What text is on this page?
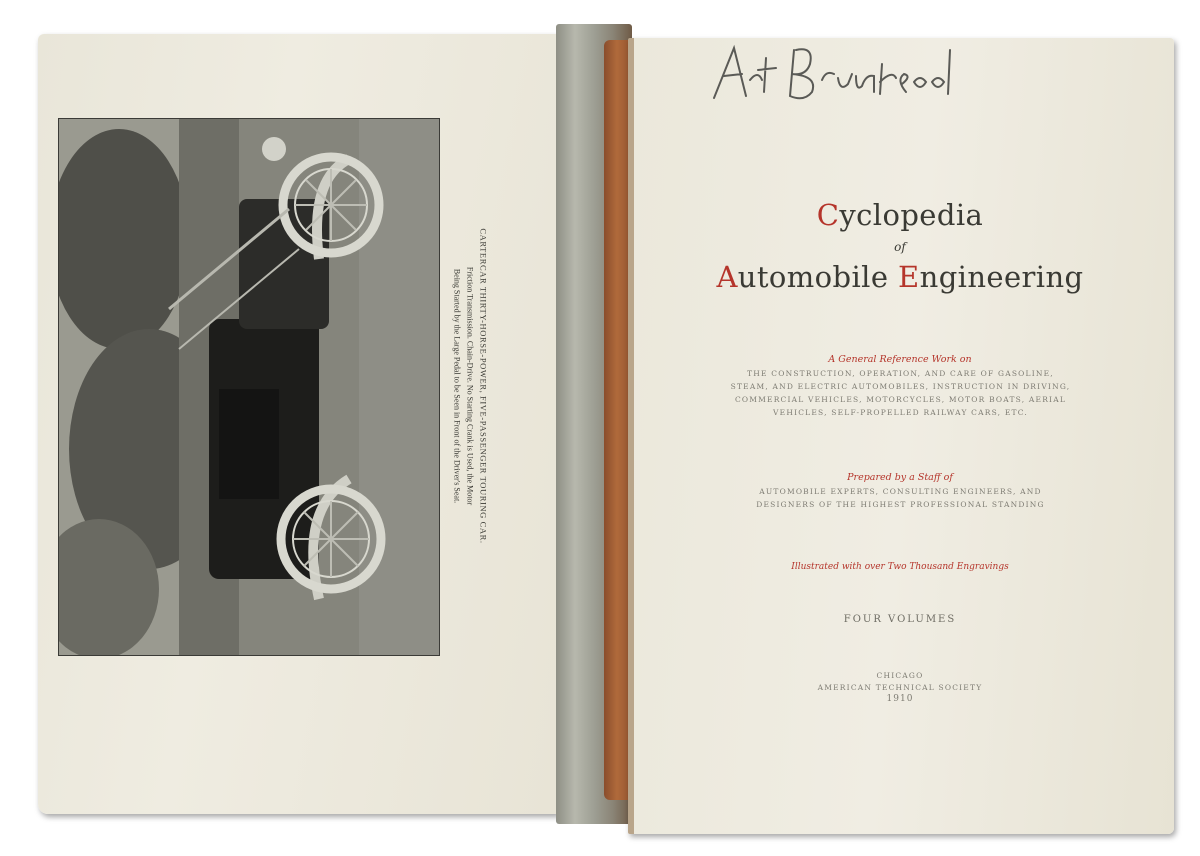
CARTERCAR THIRTY-HORSE-POWER, FIVE-PASSENGER TOURING CAR.
Friction Transmission. Chain-Drive. No Starting Crank is Used, the Motor
Being Started by the Large Pedal to be Seen in Front of the Driver's Seat.
Cyclopedia
of
Automobile Engineering
A General Reference Work on
THE CONSTRUCTION, OPERATION, AND CARE OF GASOLINE, STEAM, AND ELECTRIC AUTOMOBILES, INSTRUCTION IN DRIVING, COMMERCIAL VEHICLES, MOTORCYCLES, MOTOR BOATS, AERIAL VEHICLES, SELF-PROPELLED RAILWAY CARS, ETC.
Prepared by a Staff of
AUTOMOBILE EXPERTS, CONSULTING ENGINEERS, AND DESIGNERS OF THE HIGHEST PROFESSIONAL STANDING
Illustrated with over Two Thousand Engravings
FOUR VOLUMES
CHICAGO
AMERICAN TECHNICAL SOCIETY
1910
